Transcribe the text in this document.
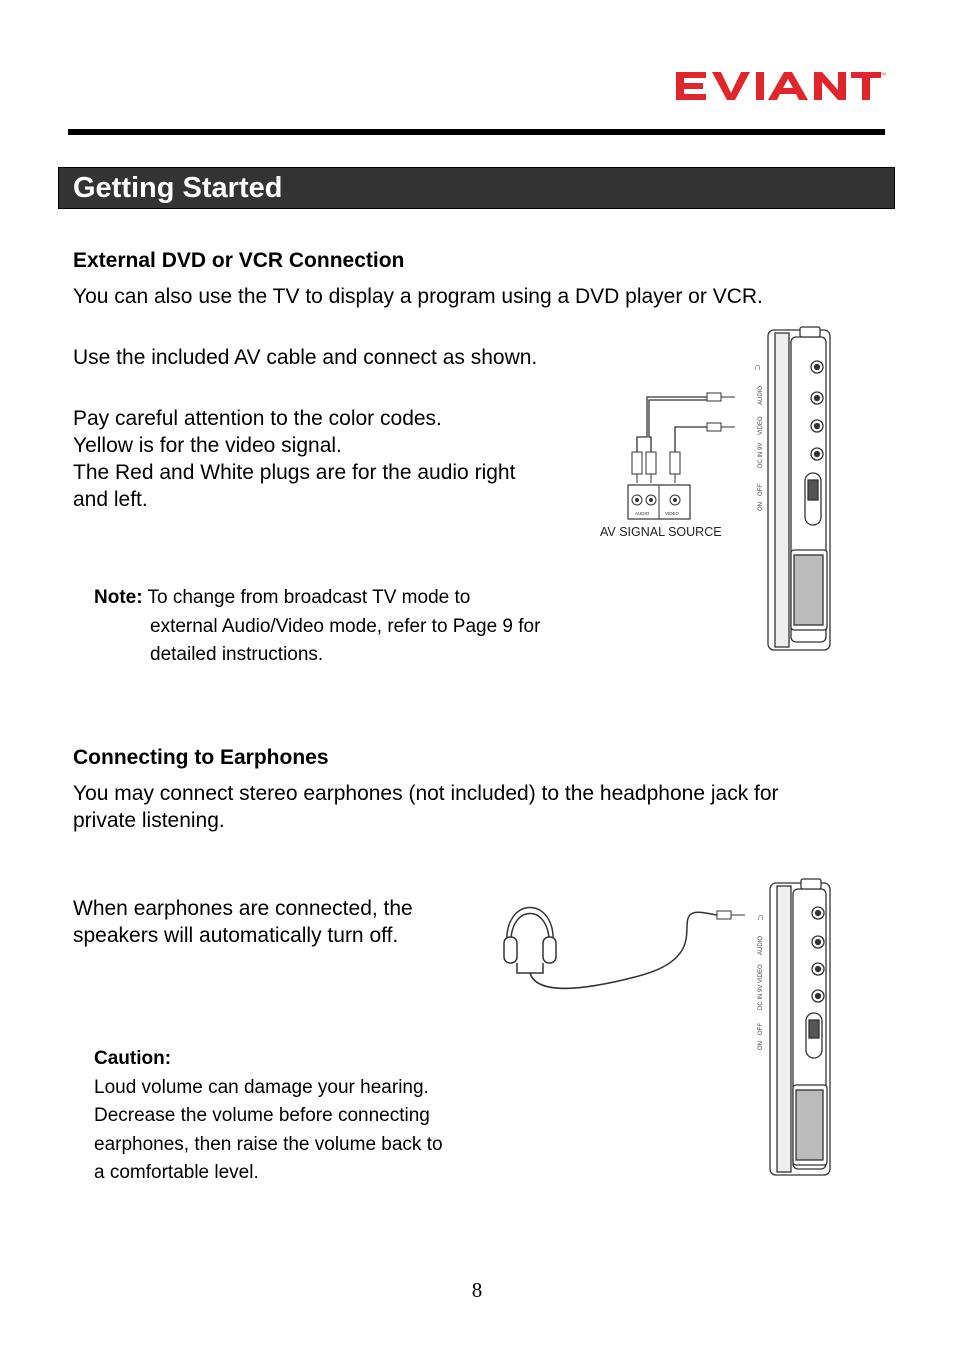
TM
Getting Started
External DVD or VCR Connection
You can also use the TV to display a program using a DVD player or VCR.
Use the included AV cable and connect as shown.
Pay careful attention to the color codes.
Yellow is for the video signal.
The Red and White plugs are for the audio right
and left.
Note: To change from broadcast TV mode to
external Audio/Video mode, refer to Page 9 for
detailed instructions.
AUDIO	VIDEO
AV SIGNAL SOURCE
AUDIO
VIDEO
DC IN 9V
OFF
ON
∩
Connecting to Earphones
You may connect stereo earphones (not included) to the headphone jack for
private listening.
When earphones are connected, the
speakers will automatically turn off.
Caution:
Loud volume can damage your hearing.
Decrease the volume before connecting
earphones, then raise the volume back to
a comfortable level.
∩
AUDIO
VIDEO
DC IN 9V
OFF
ON
8
